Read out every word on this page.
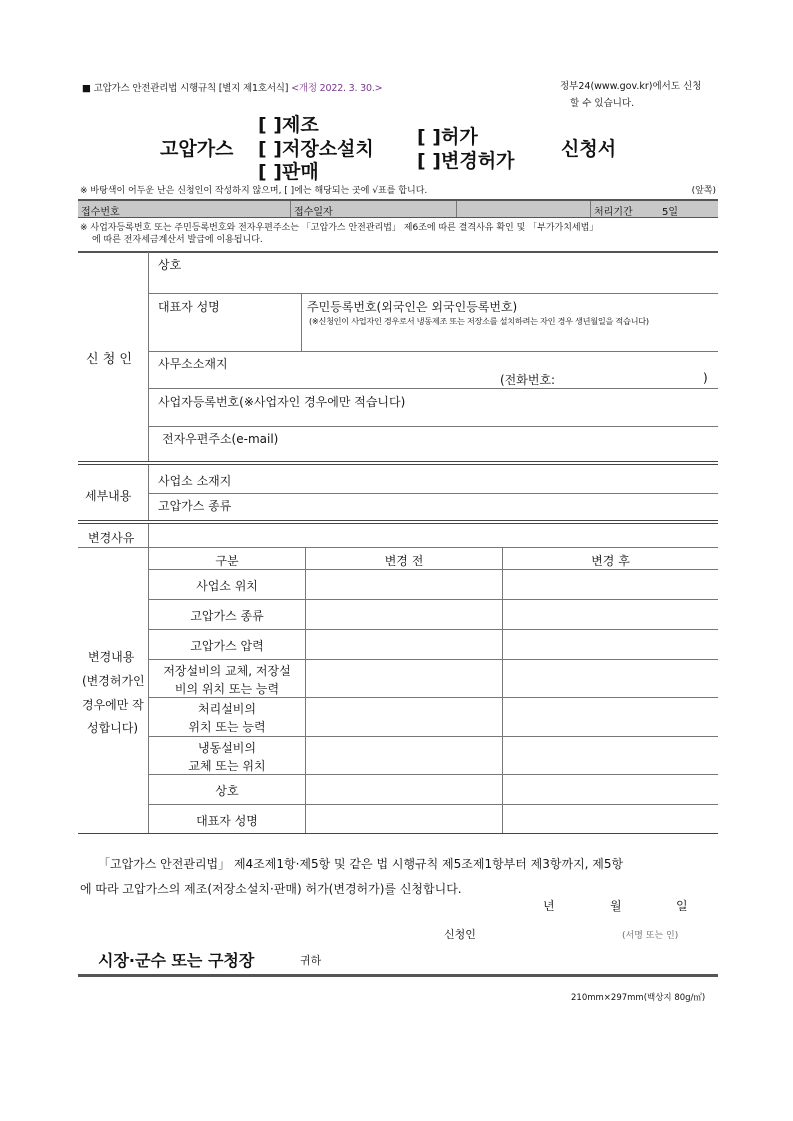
■ 고압가스 안전관리법 시행규칙 [별지 제1호서식] <개정 2022. 3. 30.>	정부24(www.gov.kr)에서도 신청
할 수 있습니다.
고압가스
[ ]제조
[ ]저장소설치
[ ]판매
[ ]허가
[ ]변경허가
신청서
※ 바탕색이 어두운 난은 신청인이 작성하지 않으며, [ ]에는 해당되는 곳에 √표를 합니다.	(앞쪽)
접수번호	접수일자	처리기간	5일
※ 사업자등록번호 또는 주민등록번호와 전자우편주소는 「고압가스 안전관리법」 제6조에 따른 결격사유 확인 및 「부가가치세법」
에 따른 전자세금계산서 발급에 이용됩니다.
신 청 인
상호
대표자 성명	주민등록번호(외국인은 외국인등록번호)
(※신청인이 사업자인 경우로서 냉동제조 또는 저장소를 설치하려는 자인 경우 생년월일을 적습니다)
사무소소재지
(전화번호:	)
사업자등록번호(※사업자인 경우에만 적습니다)
전자우편주소(e-mail)
세부내용
사업소 소재지
고압가스 종류
변경사유
변경내용
(변경허가인
경우에만 작
성합니다)
구분	변경 전	변경 후
사업소 위치
고압가스 종류
고압가스 압력
저장설비의 교체, 저장설
비의 위치 또는 능력
처리설비의
위치 또는 능력
냉동설비의
교체 또는 위치
상호
대표자 성명
「고압가스 안전관리법」 제4조제1항·제5항 및 같은 법 시행규칙 제5조제1항부터 제3항까지, 제5항
에 따라 고압가스의 제조(저장소설치·판매) 허가(변경허가)를 신청합니다.
년	월	일
신청인	(서명 또는 인)
시장·군수 또는 구청장	귀하
210mm×297mm(백상지 80g/㎡)
